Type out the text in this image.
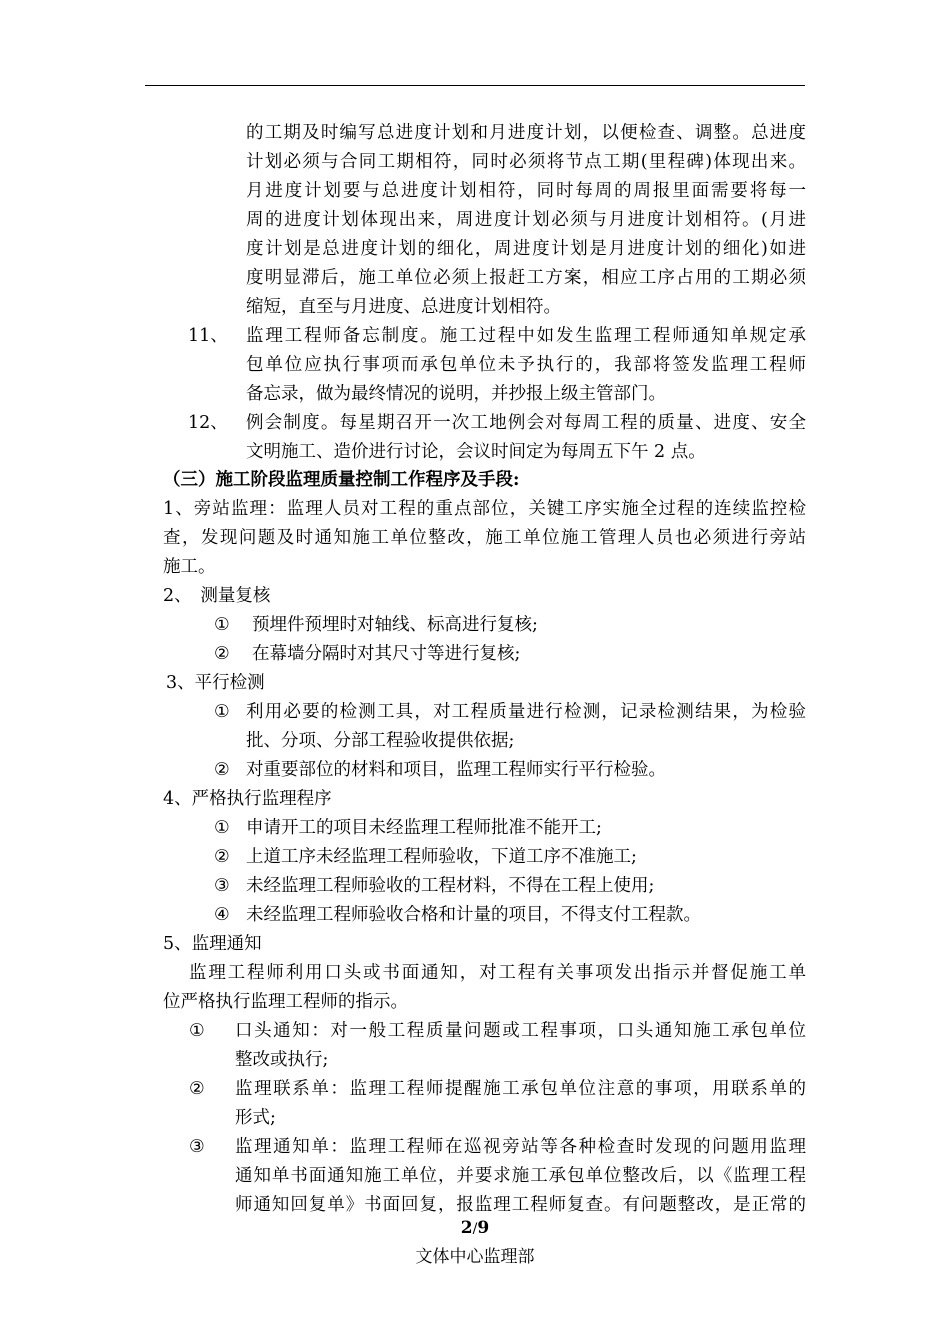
的工期及时编写总进度计划和月进度计划，以便检查、调整。总进度
计划必须与合同工期相符，同时必须将节点工期(里程碑)体现出来。
月进度计划要与总进度计划相符，同时每周的周报里面需要将每一
周的进度计划体现出来，周进度计划必须与月进度计划相符。(月进
度计划是总进度计划的细化，周进度计划是月进度计划的细化)如进
度明显滞后，施工单位必须上报赶工方案，相应工序占用的工期必须
缩短，直至与月进度、总进度计划相符。
11、 监理工程师备忘制度。施工过程中如发生监理工程师通知单规定承
包单位应执行事项而承包单位未予执行的，我部将签发监理工程师
备忘录，做为最终情况的说明，并抄报上级主管部门。
12、 例会制度。每星期召开一次工地例会对每周工程的质量、进度、安全
文明施工、造价进行讨论，会议时间定为每周五下午 2 点。
（三）施工阶段监理质量控制工作程序及手段:
1、旁站监理：监理人员对工程的重点部位，关键工序实施全过程的连续监控检
查，发现问题及时通知施工单位整改，施工单位施工管理人员也必须进行旁站
施工。
2、　测量复核
① 预埋件预埋时对轴线、标高进行复核;
② 在幕墙分隔时对其尺寸等进行复核;
3、平行检测
① 利用必要的检测工具，对工程质量进行检测，记录检测结果，为检验
批、分项、分部工程验收提供依据;
② 对重要部位的材料和项目，监理工程师实行平行检验。
4、严格执行监理程序
① 申请开工的项目未经监理工程师批准不能开工;
② 上道工序未经监理工程师验收，下道工序不准施工;
③ 未经监理工程师验收的工程材料，不得在工程上使用;
④ 未经监理工程师验收合格和计量的项目，不得支付工程款。
5、监理通知
监理工程师利用口头或书面通知，对工程有关事项发出指示并督促施工单
位严格执行监理工程师的指示。
① 口头通知：对一般工程质量问题或工程事项，口头通知施工承包单位
整改或执行;
② 监理联系单：监理工程师提醒施工承包单位注意的事项，用联系单的
形式;
③ 监理通知单：监理工程师在巡视旁站等各种检查时发现的问题用监理
通知单书面通知施工单位，并要求施工承包单位整改后，以《监理工程
师通知回复单》书面回复，报监理工程师复查。有问题整改，是正常的
2/9
文体中心监理部
